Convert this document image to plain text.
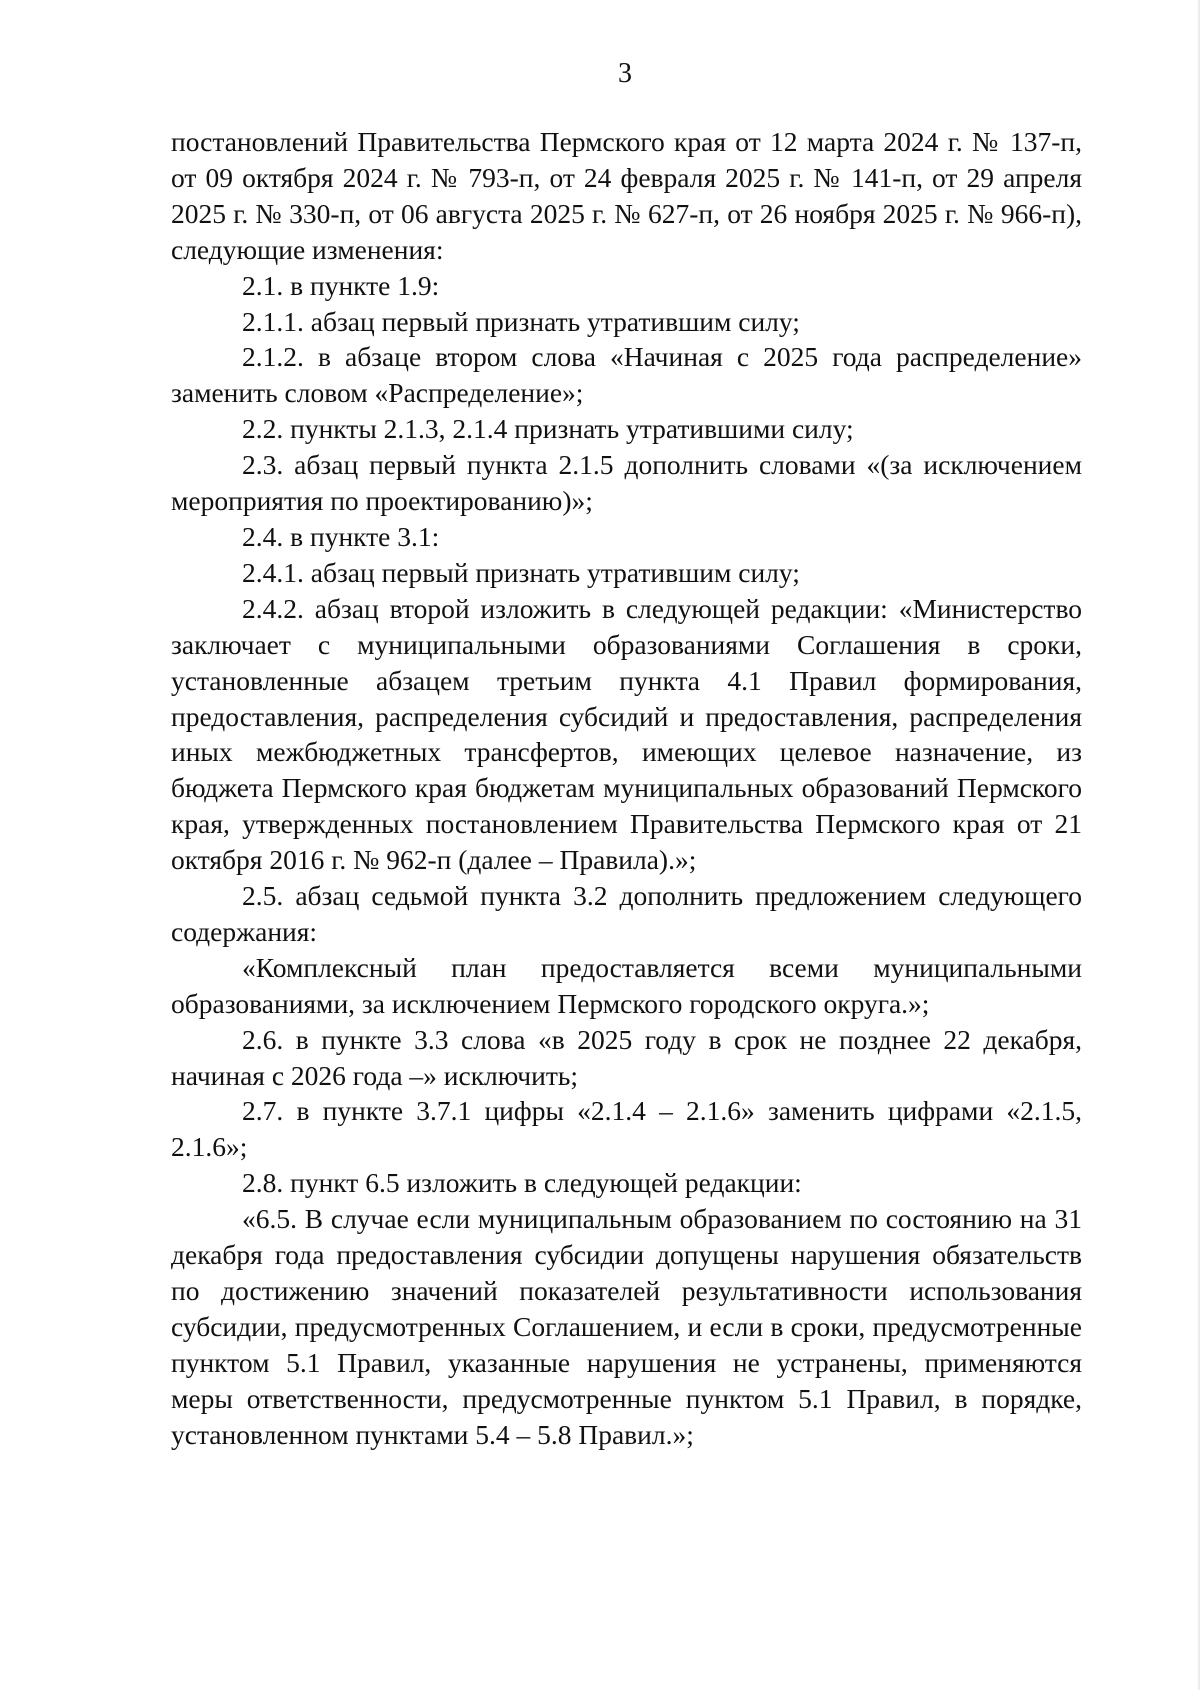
3

постановлений Правительства Пермского края от 12 марта 2024 г. № 137-п, от 09 октября 2024 г. № 793-п, от 24 февраля 2025 г. № 141-п, от 29 апреля 2025 г. № 330-п, от 06 августа 2025 г. № 627-п, от 26 ноября 2025 г. № 966-п), следующие изменения:

2.1. в пункте 1.9:

2.1.1. абзац первый признать утратившим силу;

2.1.2. в абзаце втором слова «Начиная с 2025 года распределение» заменить словом «Распределение»;

2.2. пункты 2.1.3, 2.1.4 признать утратившими силу;

2.3. абзац первый пункта 2.1.5 дополнить словами «(за исключением мероприятия по проектированию)»;

2.4. в пункте 3.1:

2.4.1. абзац первый признать утратившим силу;

2.4.2. абзац второй изложить в следующей редакции: «Министерство заключает с муниципальными образованиями Соглашения в сроки, установленные абзацем третьим пункта 4.1 Правил формирования, предоставления, распределения субсидий и предоставления, распределения иных межбюджетных трансфертов, имеющих целевое назначение, из бюджета Пермского края бюджетам муниципальных образований Пермского края, утвержденных постановлением Правительства Пермского края от 21 октября 2016 г. № 962-п (далее – Правила).»;

2.5. абзац седьмой пункта 3.2 дополнить предложением следующего содержания:

«Комплексный план предоставляется всеми муниципальными образованиями, за исключением Пермского городского округа.»;

2.6. в пункте 3.3 слова «в 2025 году в срок не позднее 22 декабря, начиная с 2026 года –» исключить;

2.7. в пункте 3.7.1 цифры «2.1.4 – 2.1.6» заменить цифрами «2.1.5, 2.1.6»;

2.8. пункт 6.5 изложить в следующей редакции:

«6.5. В случае если муниципальным образованием по состоянию на 31 декабря года предоставления субсидии допущены нарушения обязательств по достижению значений показателей результативности использования субсидии, предусмотренных Соглашением, и если в сроки, предусмотренные пунктом 5.1 Правил, указанные нарушения не устранены, применяются меры ответственности, предусмотренные пунктом 5.1 Правил, в порядке, установленном пунктами 5.4 – 5.8 Правил.»;
